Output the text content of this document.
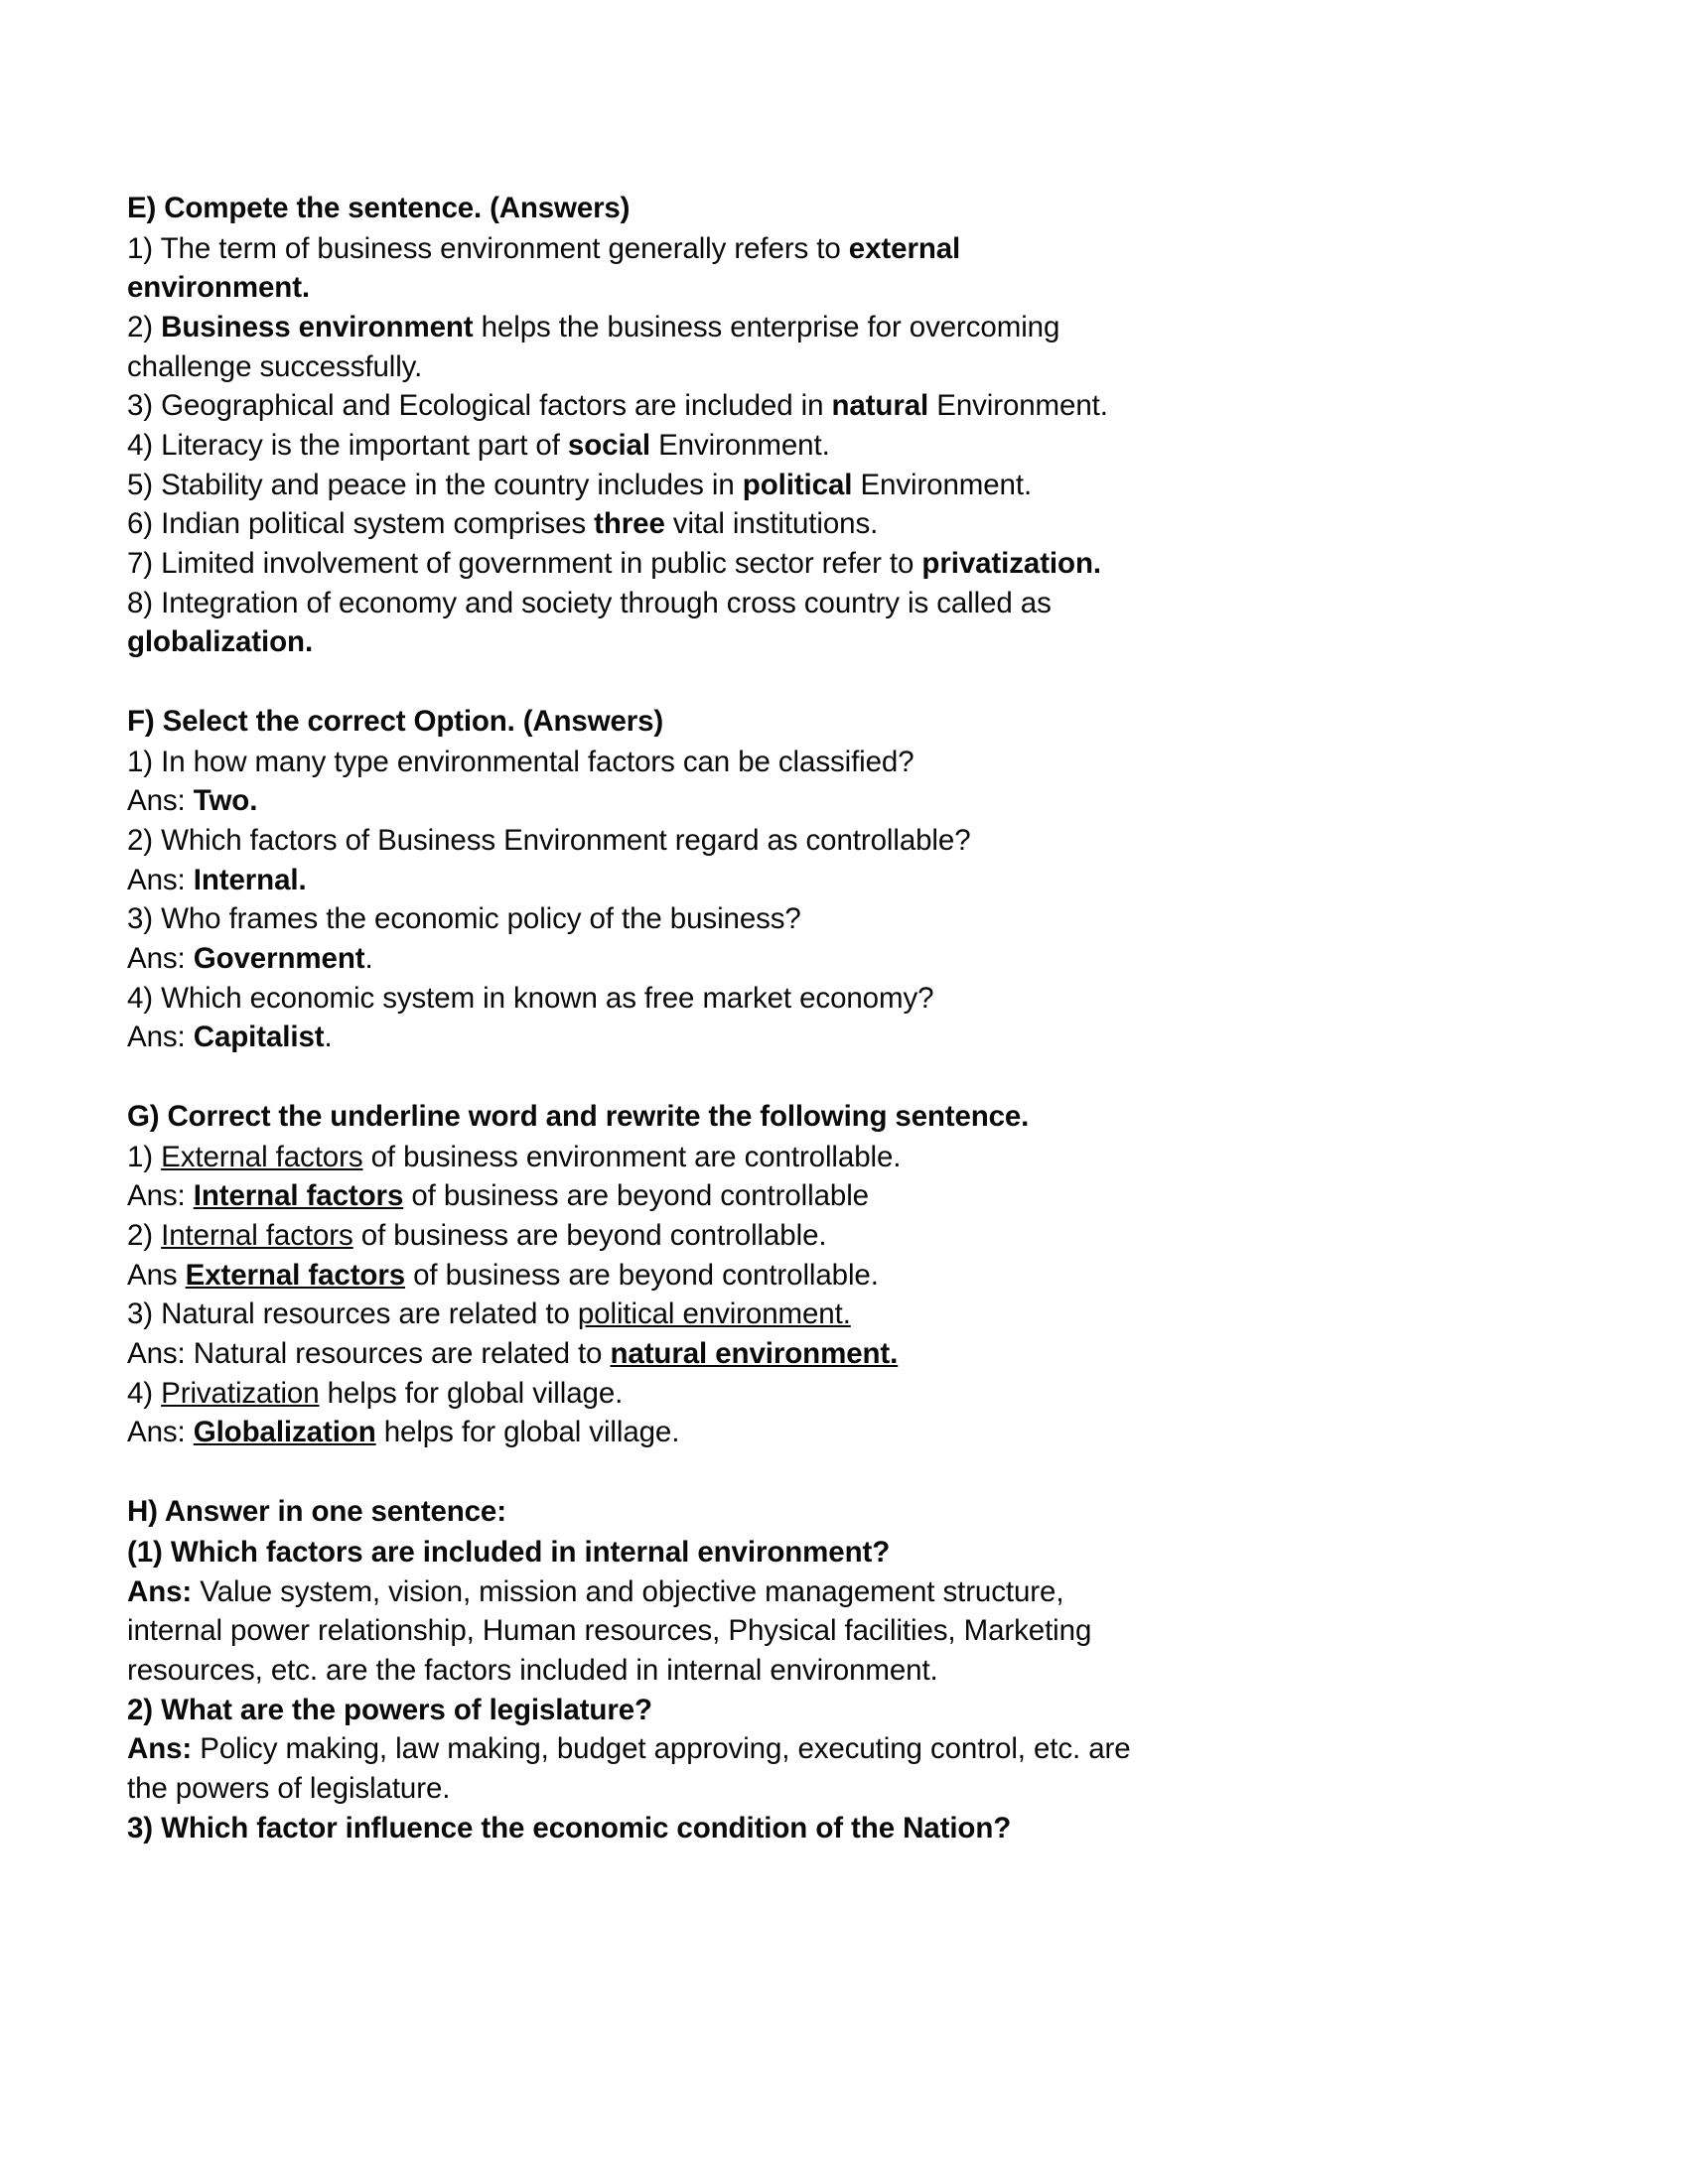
E) Compete the sentence. (Answers)
1) The term of business environment generally refers to external environment.
2) Business environment helps the business enterprise for overcoming challenge successfully.
3) Geographical and Ecological factors are included in natural Environment.
4) Literacy is the important part of social Environment.
5) Stability and peace in the country includes in political Environment.
6) Indian political system comprises three vital institutions.
7) Limited involvement of government in public sector refer to privatization.
8) Integration of economy and society through cross country is called as globalization.
F) Select the correct Option. (Answers)
1) In how many type environmental factors can be classified?
Ans: Two.
2) Which factors of Business Environment regard as controllable?
Ans: Internal.
3) Who frames the economic policy of the business?
Ans: Government.
4) Which economic system in known as free market economy?
Ans: Capitalist.
G) Correct the underline word and rewrite the following sentence.
1) External factors of business environment are controllable.
Ans: Internal factors of business are beyond controllable
2) Internal factors of business are beyond controllable.
Ans External factors of business are beyond controllable.
3) Natural resources are related to political environment.
Ans: Natural resources are related to natural environment.
4) Privatization helps for global village.
Ans: Globalization helps for global village.
H) Answer in one sentence:
(1) Which factors are included in internal environment?
Ans: Value system, vision, mission and objective management structure, internal power relationship, Human resources, Physical facilities, Marketing resources, etc. are the factors included in internal environment.
2) What are the powers of legislature?
Ans: Policy making, law making, budget approving, executing control, etc. are the powers of legislature.
3) Which factor influence the economic condition of the Nation?
